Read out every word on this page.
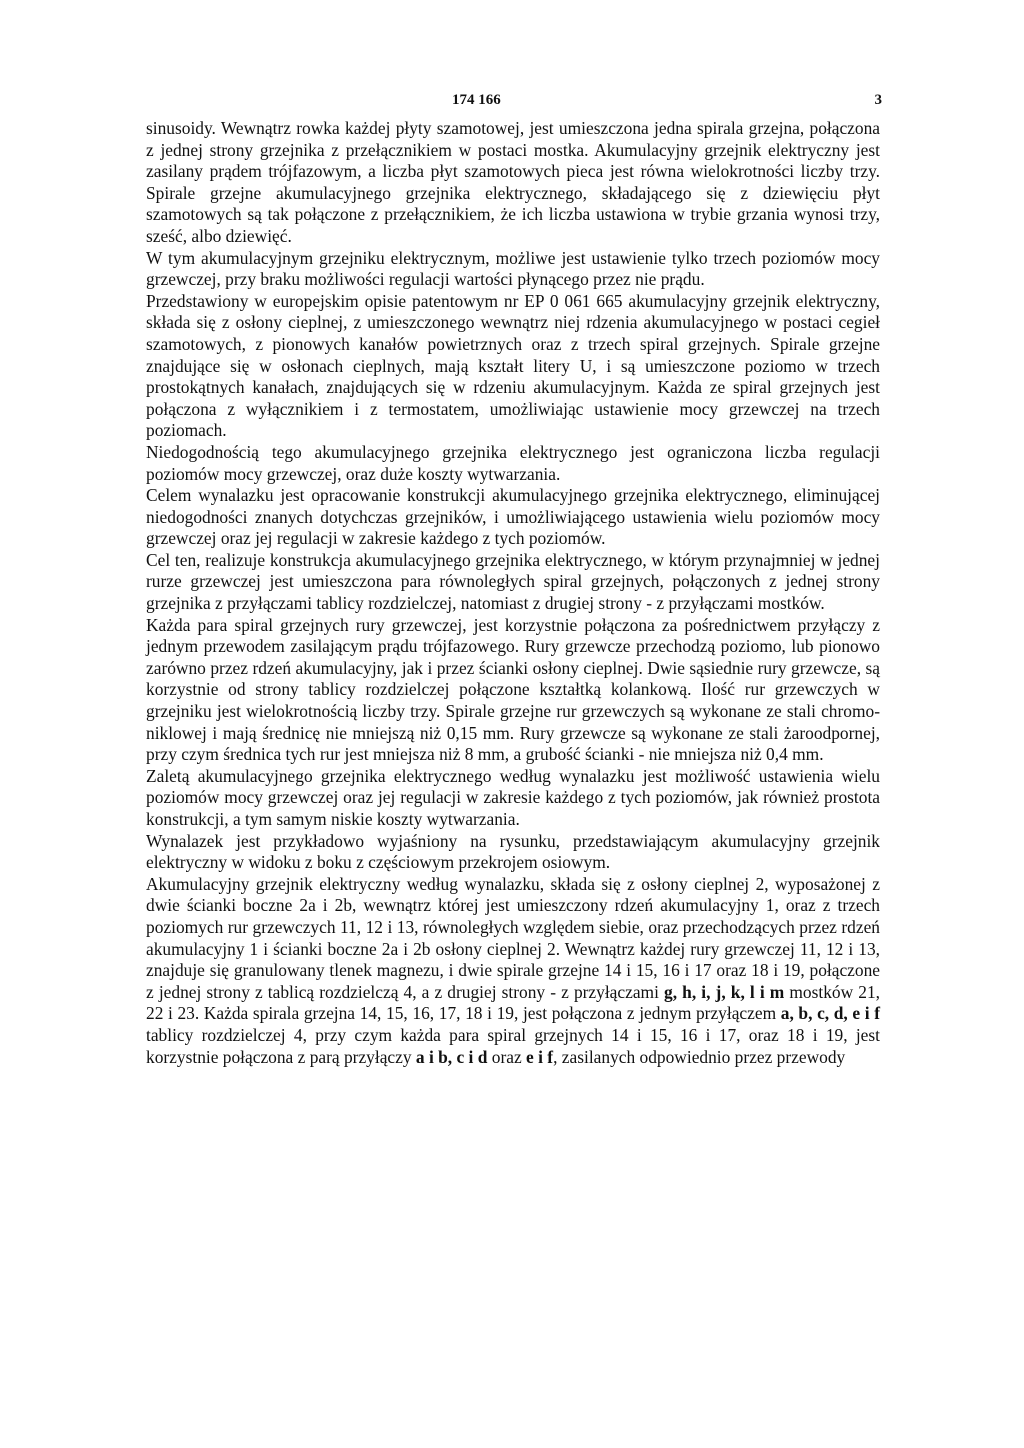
174 166	3

sinusoidy. Wewnątrz rowka każdej płyty szamotowej, jest umieszczona jedna spirala grzejna, połączona z jednej strony grzejnika z przełącznikiem w postaci mostka. Akumulacyjny grzejnik elektryczny jest zasilany prądem trójfazowym, a liczba płyt szamotowych pieca jest równa wielokrotności liczby trzy. Spirale grzejne akumulacyjnego grzejnika elektrycznego, składającego się z dziewięciu płyt szamotowych są tak połączone z przełącznikiem, że ich liczba ustawiona w trybie grzania wynosi trzy, sześć, albo dziewięć.

W tym akumulacyjnym grzejniku elektrycznym, możliwe jest ustawienie tylko trzech poziomów mocy grzewczej, przy braku możliwości regulacji wartości płynącego przez nie prądu.

Przedstawiony w europejskim opisie patentowym nr EP 0 061 665 akumulacyjny grzejnik elektryczny, składa się z osłony cieplnej, z umieszczonego wewnątrz niej rdzenia akumulacyjnego w postaci cegieł szamotowych, z pionowych kanałów powietrznych oraz z trzech spiral grzejnych. Spirale grzejne znajdujące się w osłonach cieplnych, mają kształt litery U, i są umieszczone poziomo w trzech prostokątnych kanałach, znajdujących się w rdzeniu akumulacyjnym. Każda ze spiral grzejnych jest połączona z wyłącznikiem i z termostatem, umożliwiając ustawienie mocy grzewczej na trzech poziomach.

Niedogodnością tego akumulacyjnego grzejnika elektrycznego jest ograniczona liczba regulacji poziomów mocy grzewczej, oraz duże koszty wytwarzania.

Celem wynalazku jest opracowanie konstrukcji akumulacyjnego grzejnika elektrycznego, eliminującej niedogodności znanych dotychczas grzejników, i umożliwiającego ustawienia wielu poziomów mocy grzewczej oraz jej regulacji w zakresie każdego z tych poziomów.

Cel ten, realizuje konstrukcja akumulacyjnego grzejnika elektrycznego, w którym przynajmniej w jednej rurze grzewczej jest umieszczona para równoległych spiral grzejnych, połączonych z jednej strony grzejnika z przyłączami tablicy rozdzielczej, natomiast z drugiej strony - z przyłączami mostków.

Każda para spiral grzejnych rury grzewczej, jest korzystnie połączona za pośrednictwem przyłączy z jednym przewodem zasilającym prądu trójfazowego. Rury grzewcze przechodzą poziomo, lub pionowo zarówno przez rdzeń akumulacyjny, jak i przez ścianki osłony cieplnej. Dwie sąsiednie rury grzewcze, są korzystnie od strony tablicy rozdzielczej połączone kształtką kolankową. Ilość rur grzewczych w grzejniku jest wielokrotnością liczby trzy. Spirale grzejne rur grzewczych są wykonane ze stali chromo-niklowej i mają średnicę nie mniejszą niż 0,15 mm. Rury grzewcze są wykonane ze stali żaroodpornej, przy czym średnica tych rur jest mniejsza niż 8 mm, a grubość ścianki - nie mniejsza niż 0,4 mm.

Zaletą akumulacyjnego grzejnika elektrycznego według wynalazku jest możliwość ustawienia wielu poziomów mocy grzewczej oraz jej regulacji w zakresie każdego z tych poziomów, jak również prostota konstrukcji, a tym samym niskie koszty wytwarzania.

Wynalazek jest przykładowo wyjaśniony na rysunku, przedstawiającym akumulacyjny grzejnik elektryczny w widoku z boku z częściowym przekrojem osiowym.

Akumulacyjny grzejnik elektryczny według wynalazku, składa się z osłony cieplnej 2, wyposażonej z dwie ścianki boczne 2a i 2b, wewnątrz której jest umieszczony rdzeń akumulacyjny 1, oraz z trzech poziomych rur grzewczych 11, 12 i 13, równoległych względem siebie, oraz przechodzących przez rdzeń akumulacyjny 1 i ścianki boczne 2a i 2b osłony cieplnej 2. Wewnątrz każdej rury grzewczej 11, 12 i 13, znajduje się granulowany tlenek magnezu, i dwie spirale grzejne 14 i 15, 16 i 17 oraz 18 i 19, połączone z jednej strony z tablicą rozdzielczą 4, a z drugiej strony - z przyłączami g, h, i, j, k, l i m mostków 21, 22 i 23. Każda spirala grzejna 14, 15, 16, 17, 18 i 19, jest połączona z jednym przyłączem a, b, c, d, e i f tablicy rozdzielczej 4, przy czym każda para spiral grzejnych 14 i 15, 16 i 17, oraz 18 i 19, jest korzystnie połączona z parą przyłączy a i b, c i d oraz e i f, zasilanych odpowiednio przez przewody
